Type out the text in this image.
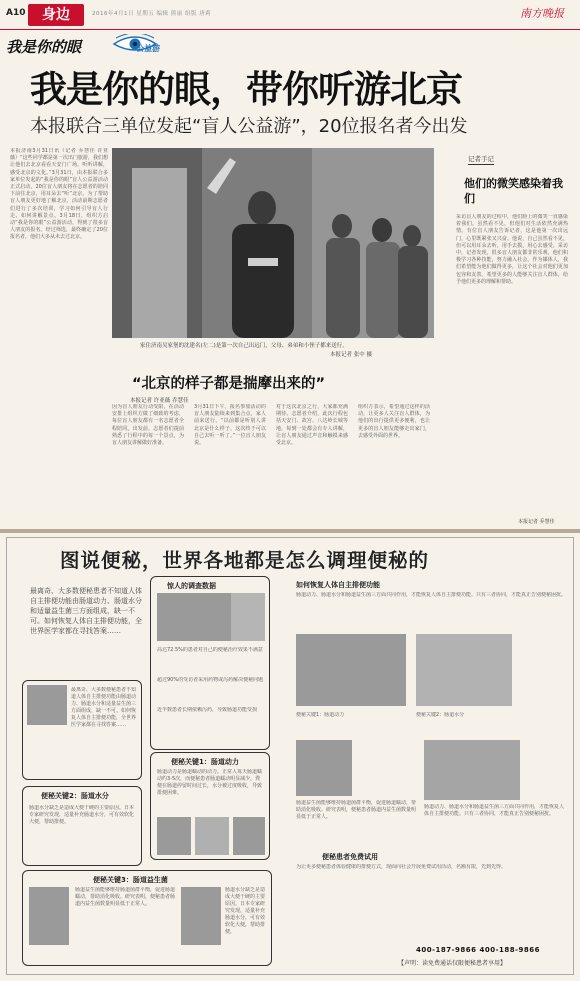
A10	身边	2016年4月1日 星期五 编辑 熊丽 组版 唐莉	南方晚报
我是你的眼	公益游
我是你的眼，带你听游北京
本报联合三单位发起“盲人公益游”，20位报名者今出发
本报济南3月31日讯（记者 乔慧佳 许亚薇）“这些同学都是第一次出门旅游，我们想让他们去北京看看天安门广场，听听讲解，感受北京的文化。”3月31日，由本报联合多家单位发起的“我是你的眼”盲人公益游活动正式启动，20位盲人朋友将在志愿者的陪同下前往北京，用耳朵去“听”北京。为了帮助盲人朋友更好地了解北京，活动前期志愿者们进行了多次培训，学习如何引导盲人行走、如何讲解景点。3月18日，组织方启动“我是你的眼”公益游活动，得到了很多盲人朋友的报名。经过筛选，最终确定了20位报名者，他们大多从未去过北京。
家住济南吴家堡的沈建名(左二)是第一次自己出远门，父母、弟弟和小侄子都来送行。
本报记者 张中 摄
“北京的样子都是揣摩出来的”
本报记者 许亚薇 乔慧佳
因为盲人朋友行动受限，在活动安排上组织方做了细致的考虑，每位盲人朋友都有一名志愿者全程陪同。出发前，志愿者们提前熟悉了行程中的每一个景点，为盲人朋友讲解做好准备。
3月31日下午，报名参加活动的盲人朋友陆续来到集合点，家人前来送行。“以前都是听别人讲北京是什么样子，这次终于可以自己去听一听了。”一位盲人朋友说。
对于这次北京之行，大家都充满期待。志愿者介绍，此次行程包括天安门、故宫、八达岭长城等地，每到一处都会有专人讲解，让盲人朋友通过声音和触摸来感受北京。
组织方表示，希望通过这样的活动，让更多人关注盲人群体，为他们的出行提供更多便利，也让更多的盲人朋友能够走出家门，去感受外面的世界。
记者手记
他们的微笑感染着我们
采访盲人朋友的过程中，他们脸上的微笑一直感染着我们。虽然看不见，但他们对生活依然充满热情。有位盲人朋友告诉记者，这是他第一次出远门，心里既紧张又兴奋。他说，自己虽然看不见，但可以用耳朵去听，用手去摸，用心去感受。采访中，记者发现，很多盲人朋友都非常乐观，他们积极学习各种技能，努力融入社会。作为媒体人，我们希望能为他们做得更多，让这个社会对他们更加包容和友善。希望更多的人能够关注盲人群体，给予他们更多的理解和帮助。
本报记者 乔慧佳
图说便秘，世界各地都是怎么调理便秘的
最离奇、大多数便秘患者不知道人体自主排便功能由肠道动力、肠道水分和适量益生菌三方面组成，缺一不可。如何恢复人体自主排便功能，全世界医学家都在寻找答案……
惊人的调查数据
高达72.5%的患者对自己的便秘治疗效果不满意
超过90%的受访者采用药物或泻药解决便秘问题
近半数患者长期依赖泻药，导致肠道功能受损
便秘关键1：肠道动力
肠道动力是肠道蠕动的动力。正常人每天肠道蠕动约3-5次，而便秘患者肠道蠕动明显减少，粪便在肠道停留时间过长，水分被过度吸收，导致排便困难。
最离奇、大多数便秘患者不知道人体自主排便功能由肠道动力、肠道水分和适量益生菌三方面组成，缺一不可。如何恢复人体自主排便功能，全世界医学家都在寻找答案……
便秘关键2：肠道水分
肠道水分缺乏是造成大便干硬的主要原因。日本专家研究发现，适量补充肠道水分，可有效软化大便，帮助排便。
便秘关键3：肠道益生菌
肠道益生菌能够维持肠道菌群平衡，促进肠道蠕动，帮助消化吸收。研究表明，便秘患者肠道内益生菌数量明显低于正常人。
肠道水分缺乏是造成大便干硬的主要原因。日本专家研究发现，适量补充肠道水分，可有效软化大便，帮助排便。
如何恢复人体自主排便功能
肠道动力、肠道水分和肠道益生菌三方面共同作用，才能恢复人体自主排便功能。只有三者协同，才能真正告别便秘困扰。
便秘关键1：肠道动力	便秘关键2：肠道水分
肠道益生菌能够维持肠道菌群平衡，促进肠道蠕动，帮助消化吸收。研究表明，便秘患者肠道内益生菌数量明显低于正常人。
肠道动力、肠道水分和肠道益生菌三方面共同作用，才能恢复人体自主排便功能。只有三者协同，才能真正告别便秘困扰。
便秘患者免费试用
为让更多便秘患者体验健康的排便方式，现面向社会开展免费试用活动，名额有限，先到先得。
400-187-9866 400-188-9866
【声明：读免费通话仅限便秘患者享用】
